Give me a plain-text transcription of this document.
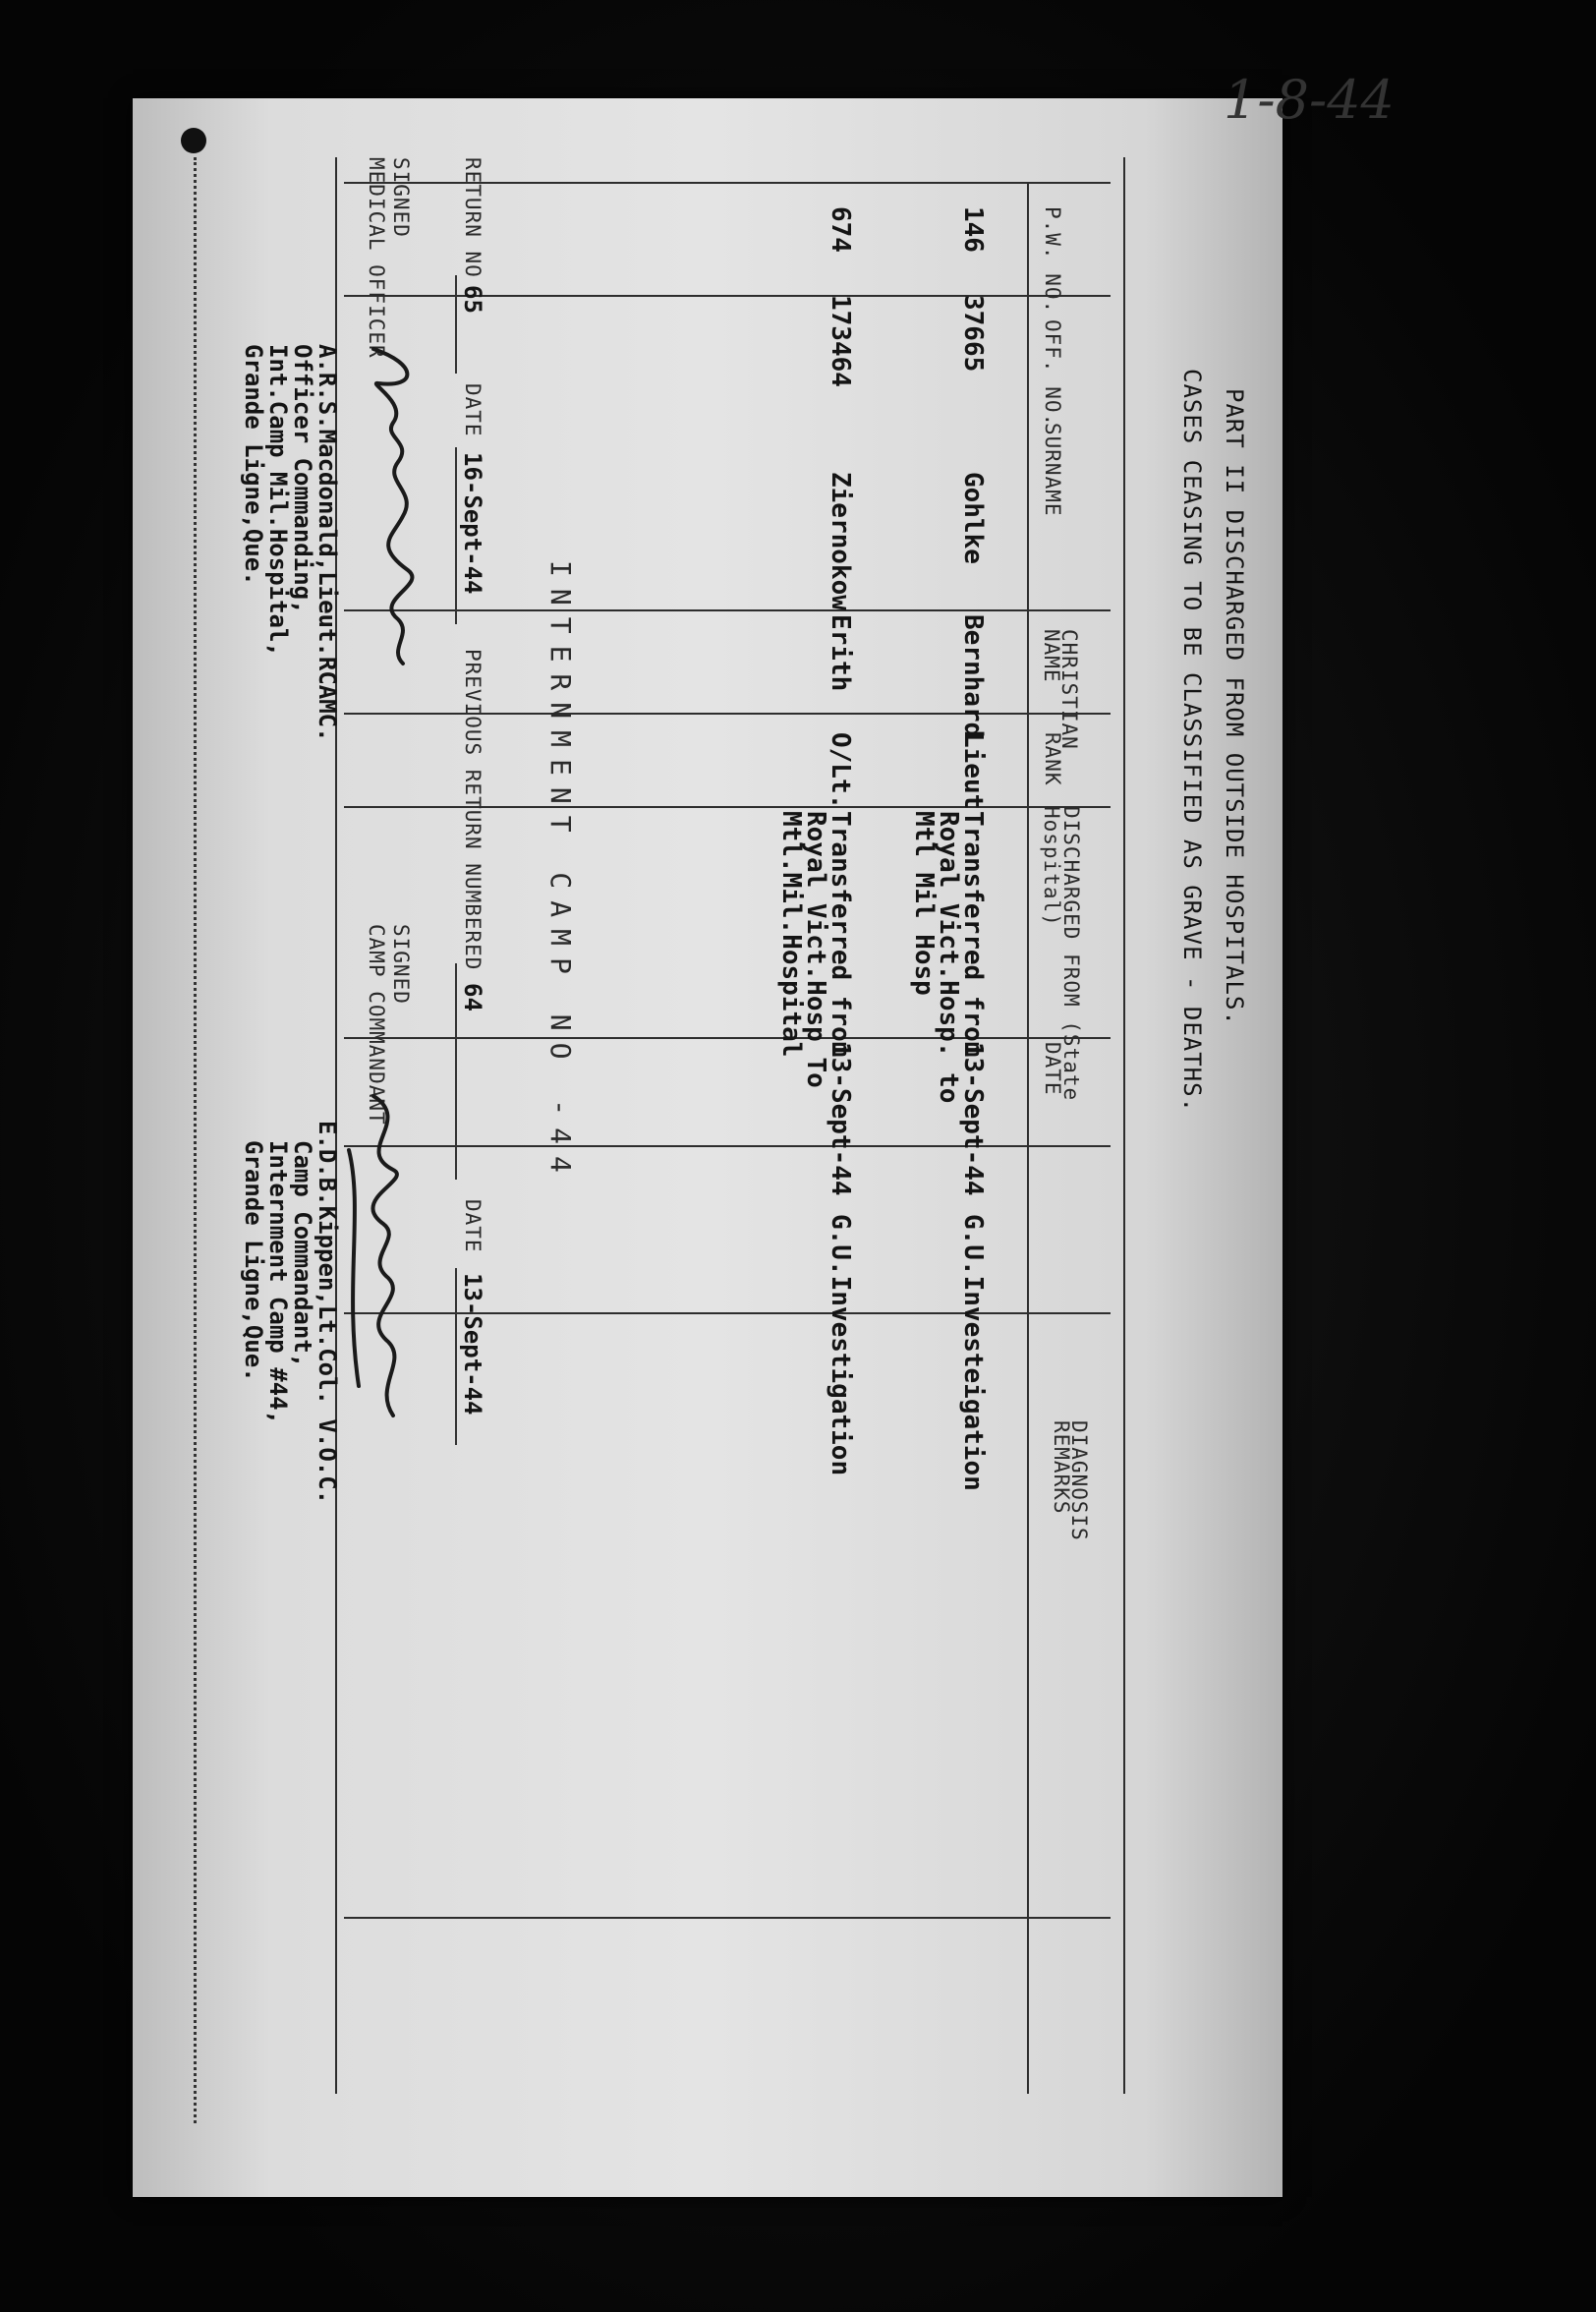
1-8-44
PART II DISCHARGED FROM OUTSIDE HOSPITALS.
CASES CEASING TO BE CLASSIFIED AS GRAVE - DEATHS.
P.W. NO.
OFF. NO.
SURNAME
CHRISTIAN NAME
RANK
DISCHARGED FROM (State Hospital)
DATE
DIAGNOSIS REMARKS
146
37665
Gohlke
Bernhard
Lieut
Transferred from
Royal Vict.Hosp. to
Mtl Mil Hosp
13-Sept-44
G.U.Investeigation
674
173464
Ziernokow
Erith
O/Lt.
Transferred from
Royal Vict.Hosp To
Mtl.Mil.Hospital
13-Sept-44
G.U.Investigation
INTERNMENT CAMP NO -44
RETURN NO
65
DATE
16-Sept-44
PREVIOUS RETURN NUMBERED
64
DATE
13-Sept-44
SIGNED
MEDICAL OFFICER
A.R.S.Macdonald,Lieut.RCAMC.
Officer Commanding,
Int.Camp Mil.Hospital,
Grande Ligne,Que.
SIGNED
CAMP COMMANDANT
E.D.B.Kippen,Lt.Col. V.O.C.
Camp Commandant,
Internment Camp #44,
Grande Ligne,Que.
